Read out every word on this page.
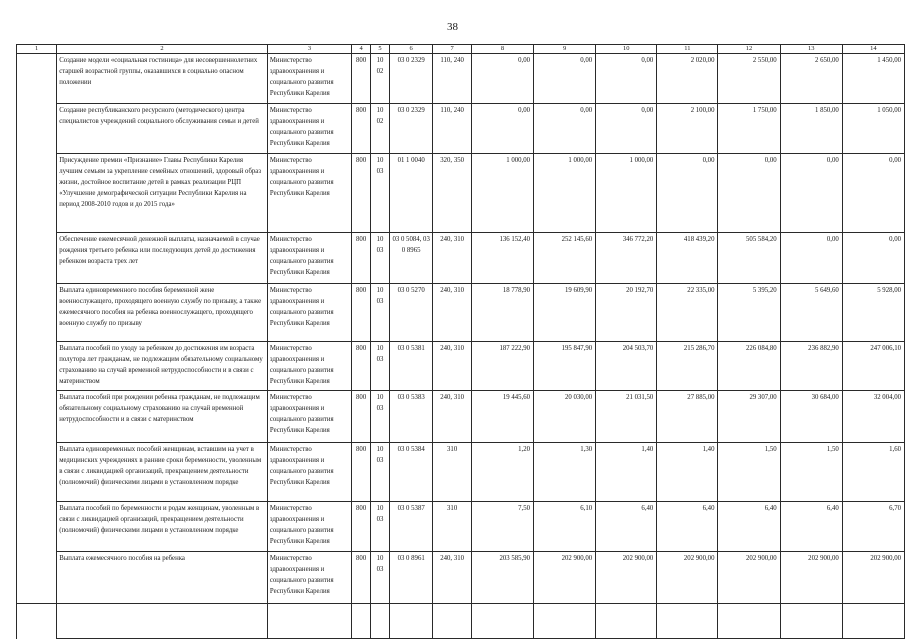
38
1	2	3	4	5	6	7	8	9	10	11	12	13	14
	Создание модели «социальная гостиница» для несовершеннолетних старшей возрастной группы, оказавшихся в социально опасном положении	Министерство здравоохранения и социального развития Республики Карелия	800	10 02	03 0 2329	110, 240	0,00	0,00	0,00	2 020,00	2 550,00	2 650,00	1 450,00
	Создание республиканского ресурсного (методического) центра специалистов учреждений социального обслуживания семьи и детей	Министерство здравоохранения и социального развития Республики Карелия	800	10 02	03 0 2329	110, 240	0,00	0,00	0,00	2 100,00	1 750,00	1 850,00	1 050,00
	Присуждение премии «Признание» Главы Республики Карелия лучшим семьям за укрепление семейных отношений, здоровый образ жизни, достойное воспитание детей в рамках реализации РЦП «Улучшение демографической ситуации Республики Карелия на период 2008-2010 годов и до 2015 года»	Министерство здравоохранения и социального развития Республики Карелия	800	10 03	01 1 0040	320, 350	1 000,00	1 000,00	1 000,00	0,00	0,00	0,00	0,00
	Обеспечение ежемесячной денежной выплаты, назначаемой в случае рождения третьего ребенка или последующих детей до достижения ребенком возраста трех лет	Министерство здравоохранения и социального развития Республики Карелия	800	10 03	03 0 5084, 03 0 8965	240, 310	136 152,40	252 145,60	346 772,20	418 439,20	505 584,20	0,00	0,00
	Выплата единовременного пособия беременной жене военнослужащего, проходящего военную службу по призыву, а также ежемесячного пособия на ребенка военнослужащего, проходящего военную службу по призыву	Министерство здравоохранения и социального развития Республики Карелия	800	10 03	03 0 5270	240, 310	18 778,90	19 609,90	20 192,70	22 335,00	5 395,20	5 649,60	5 928,00
	Выплата пособий по уходу за ребенком до достижения им возраста полутора лет гражданам, не подлежащим обязательному социальному страхованию на случай временной нетрудоспособности и в связи с материнством	Министерство здравоохранения и социального развития Республики Карелия	800	10 03	03 0 5381	240, 310	187 222,90	195 847,90	204 503,70	215 286,70	226 084,80	236 882,90	247 006,10
	Выплата пособий при рождении ребенка гражданам, не подлежащим обязательному социальному страхованию на случай временной нетрудоспособности и в связи с материнством	Министерство здравоохранения и социального развития Республики Карелия	800	10 03	03 0 5383	240, 310	19 445,60	20 030,00	21 031,50	27 885,00	29 307,00	30 684,00	32 004,00
	Выплата единовременных пособий женщинам, вставшим на учет в медицинских учреждениях в ранние сроки беременности, уволенным в связи с ликвидацией организаций, прекращением деятельности (полномочий) физическими лицами в установленном порядке	Министерство здравоохранения и социального развития Республики Карелия	800	10 03	03 0 5384	310	1,20	1,30	1,40	1,40	1,50	1,50	1,60
	Выплата пособий по беременности и родам женщинам, уволенным в связи с ликвидацией организаций, прекращением деятельности (полномочий) физическими лицами в установленном порядке	Министерство здравоохранения и социального развития Республики Карелия	800	10 03	03 0 5387	310	7,50	6,10	6,40	6,40	6,40	6,40	6,70
	Выплата ежемесячного пособия на ребенка	Министерство здравоохранения и социального развития Республики Карелия	800	10 03	03 0 8961	240, 310	203 585,90	202 900,00	202 900,00	202 900,00	202 900,00	202 900,00	202 900,00
